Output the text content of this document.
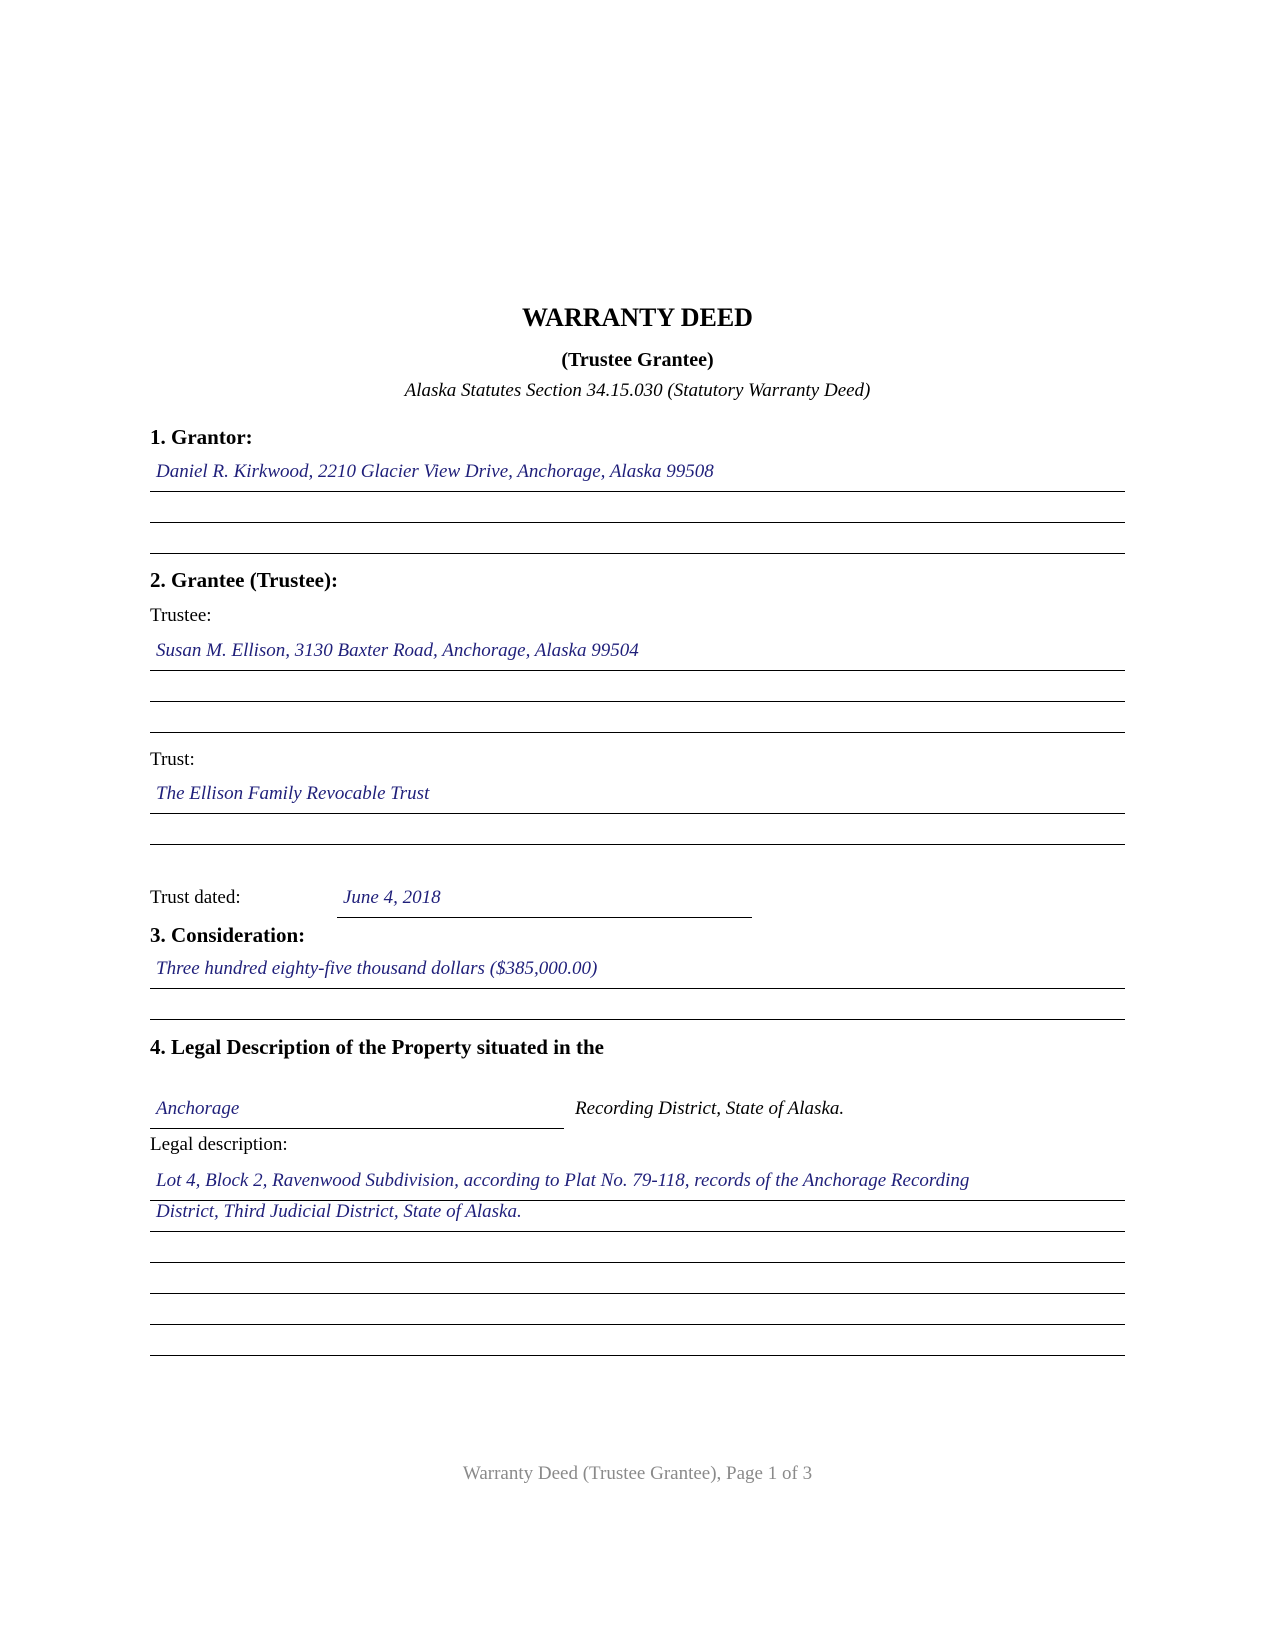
WARRANTY DEED
(Trustee Grantee)
Alaska Statutes Section 34.15.030 (Statutory Warranty Deed)
1. Grantor:
Daniel R. Kirkwood, 2210 Glacier View Drive, Anchorage, Alaska 99508
2. Grantee (Trustee):
Trustee:
Susan M. Ellison, 3130 Baxter Road, Anchorage, Alaska 99504
Trust:
The Ellison Family Revocable Trust
Trust dated:	June 4, 2018
3. Consideration:
Three hundred eighty-five thousand dollars ($385,000.00)
4. Legal Description of the Property situated in the
Anchorage	Recording District, State of Alaska.
Legal description:
Lot 4, Block 2, Ravenwood Subdivision, according to Plat No. 79-118, records of the Anchorage Recording
District, Third Judicial District, State of Alaska.
Warranty Deed (Trustee Grantee), Page 1 of 3
